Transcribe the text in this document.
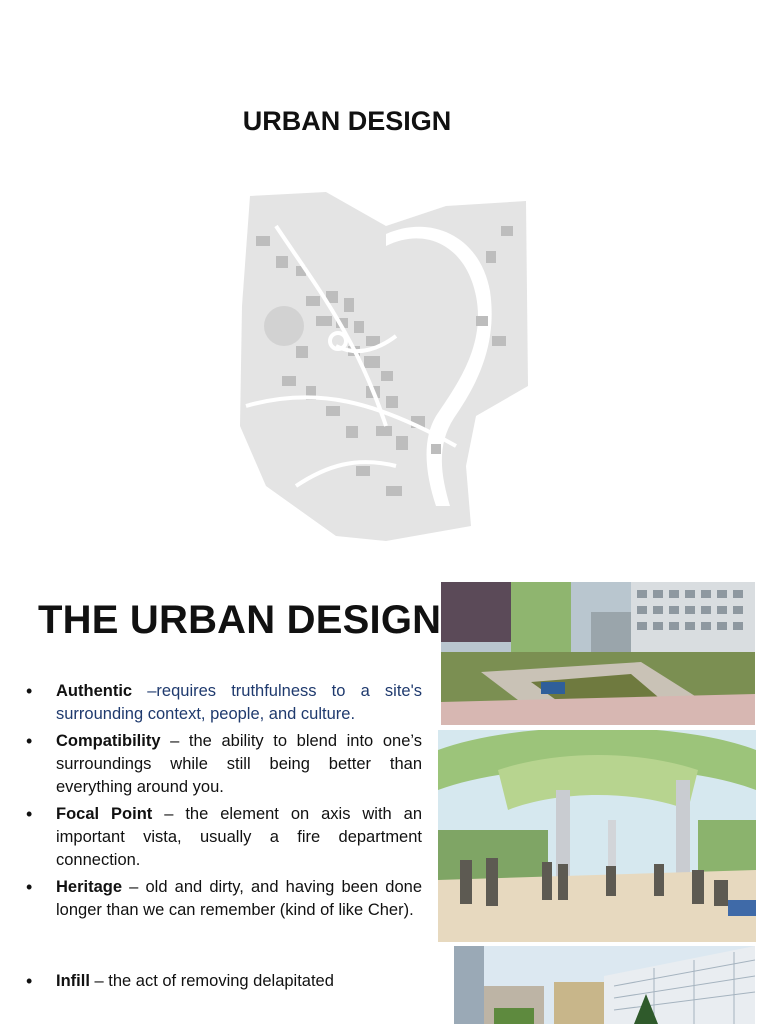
URBAN DESIGN
THE URBAN DESIGN
• Authentic –requires truthfulness to a site's surrounding context, people, and culture.
• Compatibility – the ability to blend into one’s surroundings while still being better than everything around you.
• Focal Point – the element on axis with an important vista, usually a fire department connection.
• Heritage – old and dirty, and having been done longer than we can remember (kind of like Cher).
• Infill – the act of removing delapitated
